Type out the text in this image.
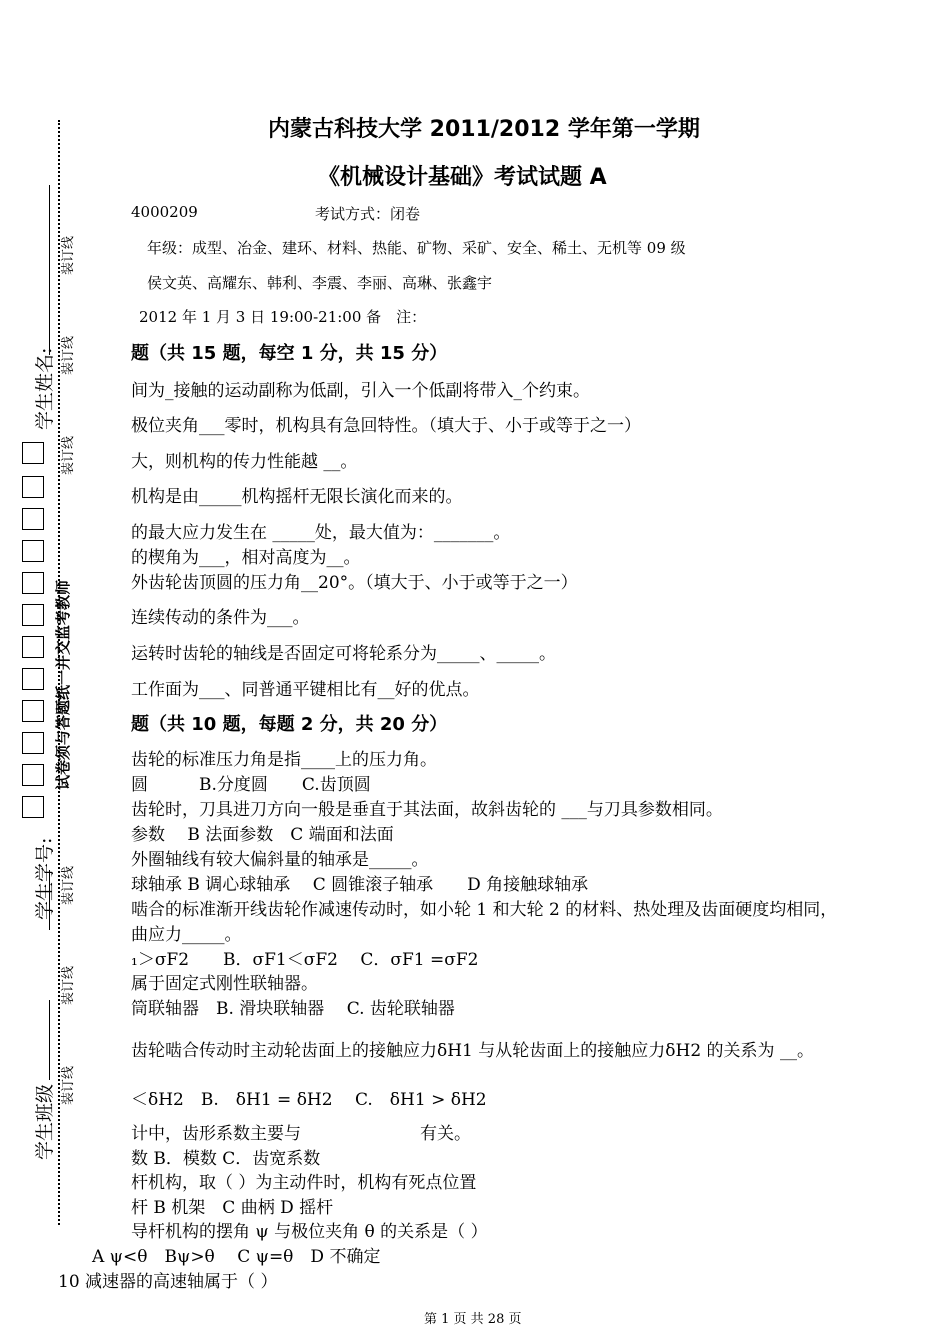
学生姓名:
学生学号:
学生班级
试卷须与答题纸一并交监考教师
装订线
装订线
装订线
装订线
装订线
装订线
内蒙古科技大学 2011/2012 学年第一学期
《机械设计基础》考试试题 A
4000209	考试方式：闭卷
年级：成型、冶金、建环、材料、热能、矿物、采矿、安全、稀土、无机等 09 级
侯文英、高耀东、韩利、李震、李丽、高琳、张鑫宇
2012 年 1 月 3 日 19:00-21:00 备　注：
题（共 15 题，每空 1 分，共 15 分）
间为_接触的运动副称为低副，引入一个低副将带入_个约束。
极位夹角___零时，机构具有急回特性。（填大于、小于或等于之一）
大，则机构的传力性能越 __。
机构是由_____机构摇杆无限长演化而来的。
的最大应力发生在 _____处，最大值为：_______。
的楔角为___，相对高度为__。
外齿轮齿顶圆的压力角__20°。（填大于、小于或等于之一）
连续传动的条件为___。
运转时齿轮的轴线是否固定可将轮系分为_____、_____。
工作面为___、同普通平键相比有__好的优点。
题（共 10 题，每题 2 分，共 20 分）
齿轮的标准压力角是指____上的压力角。
圆　　　B.分度圆　　C.齿顶圆
齿轮时，刀具进刀方向一般是垂直于其法面，故斜齿轮的 ___与刀具参数相同。
参数　 B 法面参数　C 端面和法面
外圈轴线有较大偏斜量的轴承是_____。
球轴承 B 调心球轴承　 C 圆锥滚子轴承　　D 角接触球轴承
啮合的标准渐开线齿轮作减速传动时，如小轮 1 和大轮 2 的材料、热处理及齿面硬度均相同，
曲应力_____。
₁＞σF2　　B．σF1＜σF2　 C．σF1 =σF2
属于固定式刚性联轴器。
筒联轴器　B. 滑块联轴器　 C. 齿轮联轴器
齿轮啮合传动时主动轮齿面上的接触应力δH1 与从轮齿面上的接触应力δH2 的关系为 __。
＜δH2　B.　δH1 = δH2　 C.　δH1 > δH2
计中，齿形系数主要与　　　　　　　有关。
数 B．模数 C．齿宽系数
杆机构，取（ ）为主动件时，机构有死点位置
杆 B 机架　C 曲柄 D 摇杆
导杆机构的摆角 ψ 与极位夹角 θ 的关系是（ ）
A ψ<θ　Bψ>θ　 C ψ=θ　D 不确定
10 减速器的高速轴属于（ ）
第 1 页 共 28 页
